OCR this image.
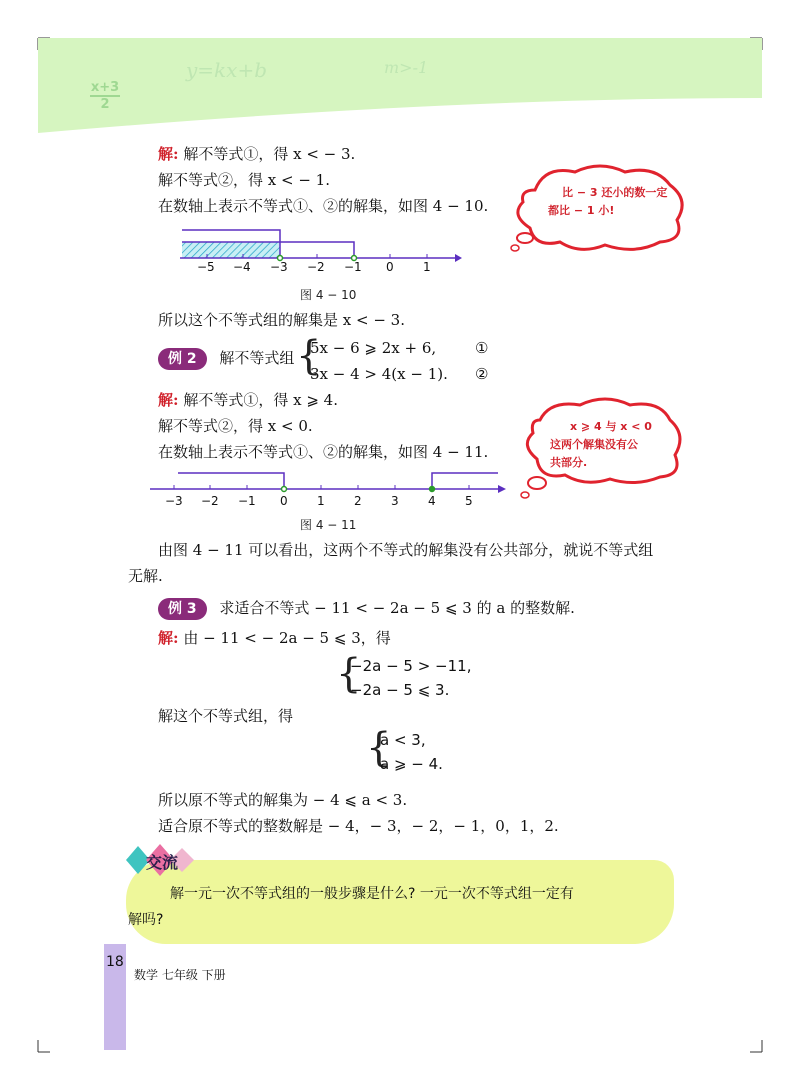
x+3
2
y=kx+b	m>-1
解: 解不等式①，得 x < − 3.
解不等式②，得 x < − 1.
在数轴上表示不等式①、②的解集，如图 4 − 10.
比 − 3 还小的数一定
都比 − 1 小!
−5 −4 −3 −2 −1 0 1
图 4 − 10
所以这个不等式组的解集是 x < − 3.
例 2 解不等式组 {
5x − 6 ⩾ 2x + 6,
3x − 4 > 4(x − 1).
①
②
解: 解不等式①，得 x ⩾ 4.
解不等式②，得 x < 0.
在数轴上表示不等式①、②的解集，如图 4 − 11.
x ⩾ 4 与 x < 0
这两个解集没有公
共部分.
−3 −2 −1 0 1 2 3 4 5
图 4 − 11
由图 4 − 11 可以看出，这两个不等式的解集没有公共部分，就说不等式组
无解.
例 3 求适合不等式 − 11 < − 2a − 5 ⩽ 3 的 a 的整数解.
解: 由 − 11 < − 2a − 5 ⩽ 3，得
{
−2a − 5 > −11,
−2a − 5 ⩽ 3.
解这个不等式组，得
{
a < 3,
a ⩾ − 4.
所以原不等式的解集为 − 4 ⩽ a < 3.
适合原不等式的整数解是 − 4，− 3，− 2，− 1，0，1，2.
交流
解一元一次不等式组的一般步骤是什么? 一元一次不等式组一定有
解吗?
18
数学 七年级 下册
